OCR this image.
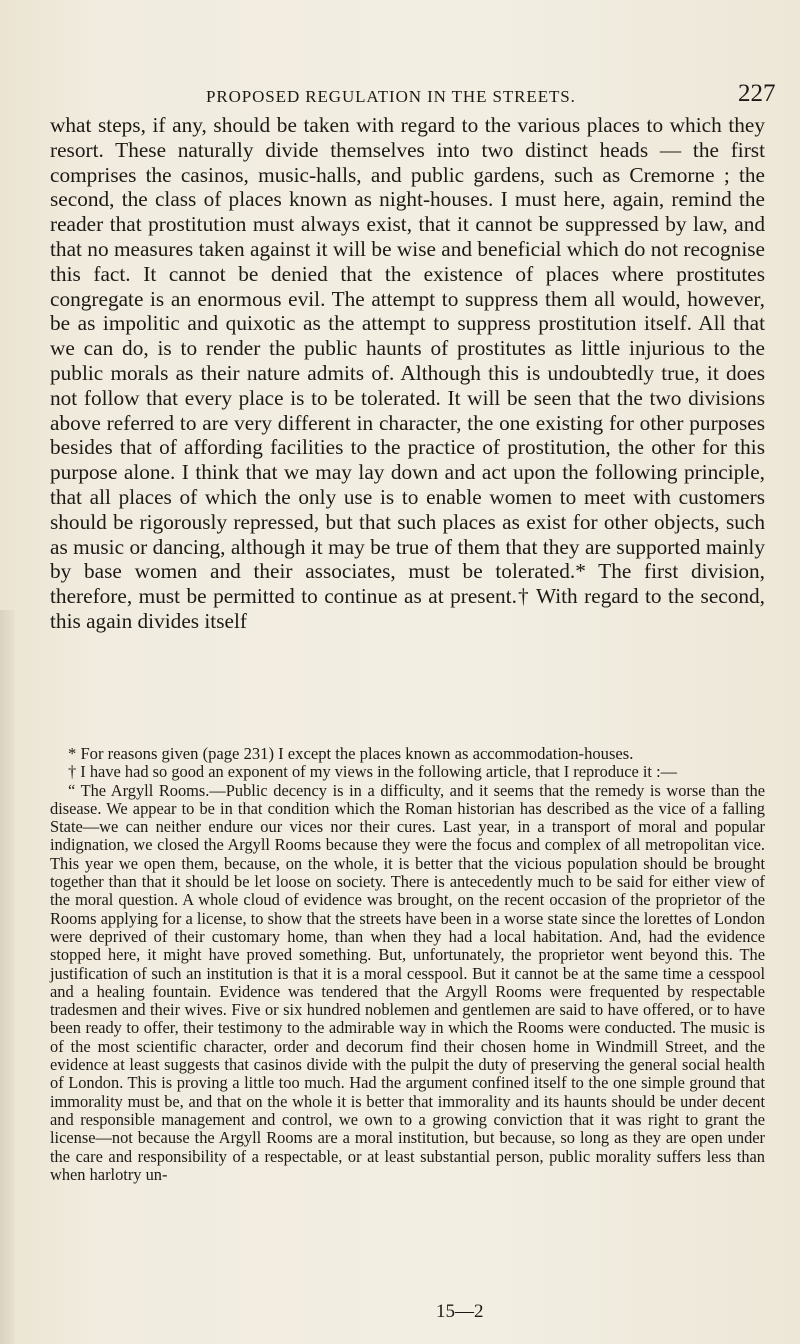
PROPOSED REGULATION IN THE STREETS.	227

what steps, if any, should be taken with regard to the various places to which they resort. These naturally divide themselves into two distinct heads — the first comprises the casinos, music-halls, and public gardens, such as Cremorne ; the second, the class of places known as night-houses. I must here, again, remind the reader that prostitution must always exist, that it cannot be suppressed by law, and that no measures taken against it will be wise and beneficial which do not recognise this fact. It cannot be denied that the existence of places where prostitutes congregate is an enormous evil. The attempt to suppress them all would, however, be as impolitic and quixotic as the attempt to suppress prostitution itself. All that we can do, is to render the public haunts of prostitutes as little injurious to the public morals as their nature admits of. Although this is undoubtedly true, it does not follow that every place is to be tolerated. It will be seen that the two divisions above referred to are very different in character, the one existing for other purposes besides that of affording facilities to the practice of prostitution, the other for this purpose alone. I think that we may lay down and act upon the following principle, that all places of which the only use is to enable women to meet with customers should be rigorously repressed, but that such places as exist for other objects, such as music or dancing, although it may be true of them that they are supported mainly by base women and their associates, must be tolerated.* The first division, therefore, must be permitted to continue as at present.† With regard to the second, this again divides itself

* For reasons given (page 231) I except the places known as accommodation-houses.

† I have had so good an exponent of my views in the following article, that I reproduce it :—

“ The Argyll Rooms.—Public decency is in a difficulty, and it seems that the remedy is worse than the disease. We appear to be in that condition which the Roman historian has described as the vice of a falling State—we can neither endure our vices nor their cures. Last year, in a transport of moral and popular indignation, we closed the Argyll Rooms because they were the focus and complex of all metropolitan vice. This year we open them, because, on the whole, it is better that the vicious population should be brought together than that it should be let loose on society. There is antecedently much to be said for either view of the moral question. A whole cloud of evidence was brought, on the recent occasion of the proprietor of the Rooms applying for a license, to show that the streets have been in a worse state since the lorettes of London were deprived of their customary home, than when they had a local habitation. And, had the evidence stopped here, it might have proved something. But, unfortunately, the proprietor went beyond this. The justification of such an institution is that it is a moral cesspool. But it cannot be at the same time a cesspool and a healing fountain. Evidence was tendered that the Argyll Rooms were frequented by respectable tradesmen and their wives. Five or six hundred noblemen and gentlemen are said to have offered, or to have been ready to offer, their testimony to the admirable way in which the Rooms were conducted. The music is of the most scientific character, order and decorum find their chosen home in Windmill Street, and the evidence at least suggests that casinos divide with the pulpit the duty of preserving the general social health of London. This is proving a little too much. Had the argument confined itself to the one simple ground that immorality must be, and that on the whole it is better that immorality and its haunts should be under decent and responsible management and control, we own to a growing conviction that it was right to grant the license—not because the Argyll Rooms are a moral institution, but because, so long as they are open under the care and responsibility of a respectable, or at least substantial person, public morality suffers less than when harlotry un-

15—2
